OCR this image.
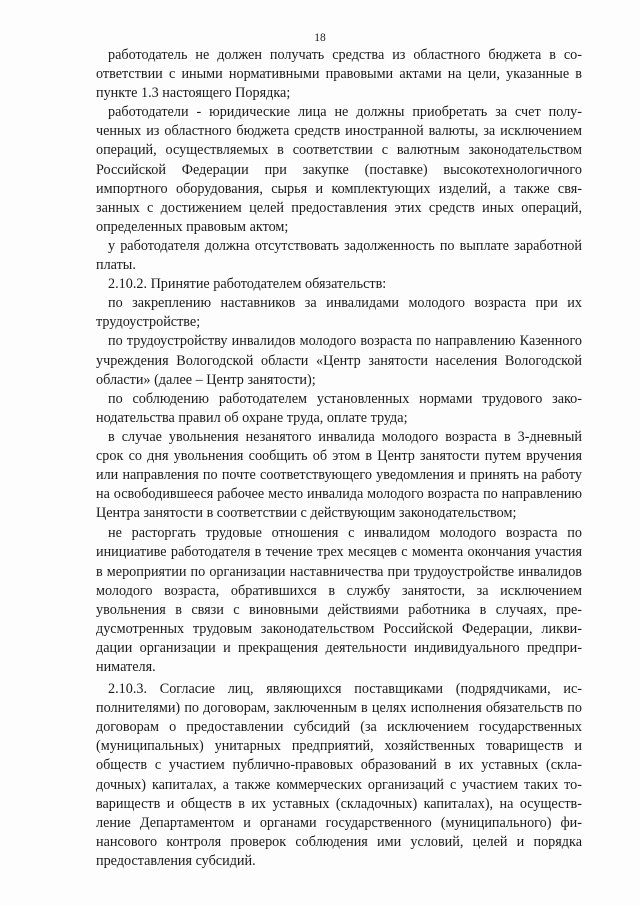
18

работодатель не должен получать средства из областного бюджета в соответствии с иными нормативными правовыми актами на цели, указанные в пункте 1.3 настоящего Порядка;

работодатели - юридические лица не должны приобретать за счет полученных из областного бюджета средств иностранной валюты, за исключением операций, осуществляемых в соответствии с валютным законодательством Российской Федерации при закупке (поставке) высокотехнологичного импортного оборудования, сырья и комплектующих изделий, а также связанных с достижением целей предоставления этих средств иных операций, определенных правовым актом;

у работодателя должна отсутствовать задолженность по выплате заработной платы.

2.10.2. Принятие работодателем обязательств:

по закреплению наставников за инвалидами молодого возраста при их трудоустройстве;

по трудоустройству инвалидов молодого возраста по направлению Казенного учреждения Вологодской области «Центр занятости населения Вологодской области» (далее – Центр занятости);

по соблюдению работодателем установленных нормами трудового законодательства правил об охране труда, оплате труда;

в случае увольнения незанятого инвалида молодого возраста в 3-дневный срок со дня увольнения сообщить об этом в Центр занятости путем вручения или направления по почте соответствующего уведомления и принять на работу на освободившееся рабочее место инвалида молодого возраста по направлению Центра занятости в соответствии с действующим законодательством;

не расторгать трудовые отношения с инвалидом молодого возраста по инициативе работодателя в течение трех месяцев с момента окончания участия в мероприятии по организации наставничества при трудоустройстве инвалидов молодого возраста, обратившихся в службу занятости, за исключением увольнения в связи с виновными действиями работника в случаях, предусмотренных трудовым законодательством Российской Федерации, ликвидации организации и прекращения деятельности индивидуального предпринимателя.

2.10.3. Согласие лиц, являющихся поставщиками (подрядчиками, исполнителями) по договорам, заключенным в целях исполнения обязательств по договорам о предоставлении субсидий (за исключением государственных (муниципальных) унитарных предприятий, хозяйственных товариществ и обществ с участием публично-правовых образований в их уставных (складочных) капиталах, а также коммерческих организаций с участием таких товариществ и обществ в их уставных (складочных) капиталах), на осуществление Департаментом и органами государственного (муниципального) финансового контроля проверок соблюдения ими условий, целей и порядка предоставления субсидий.
